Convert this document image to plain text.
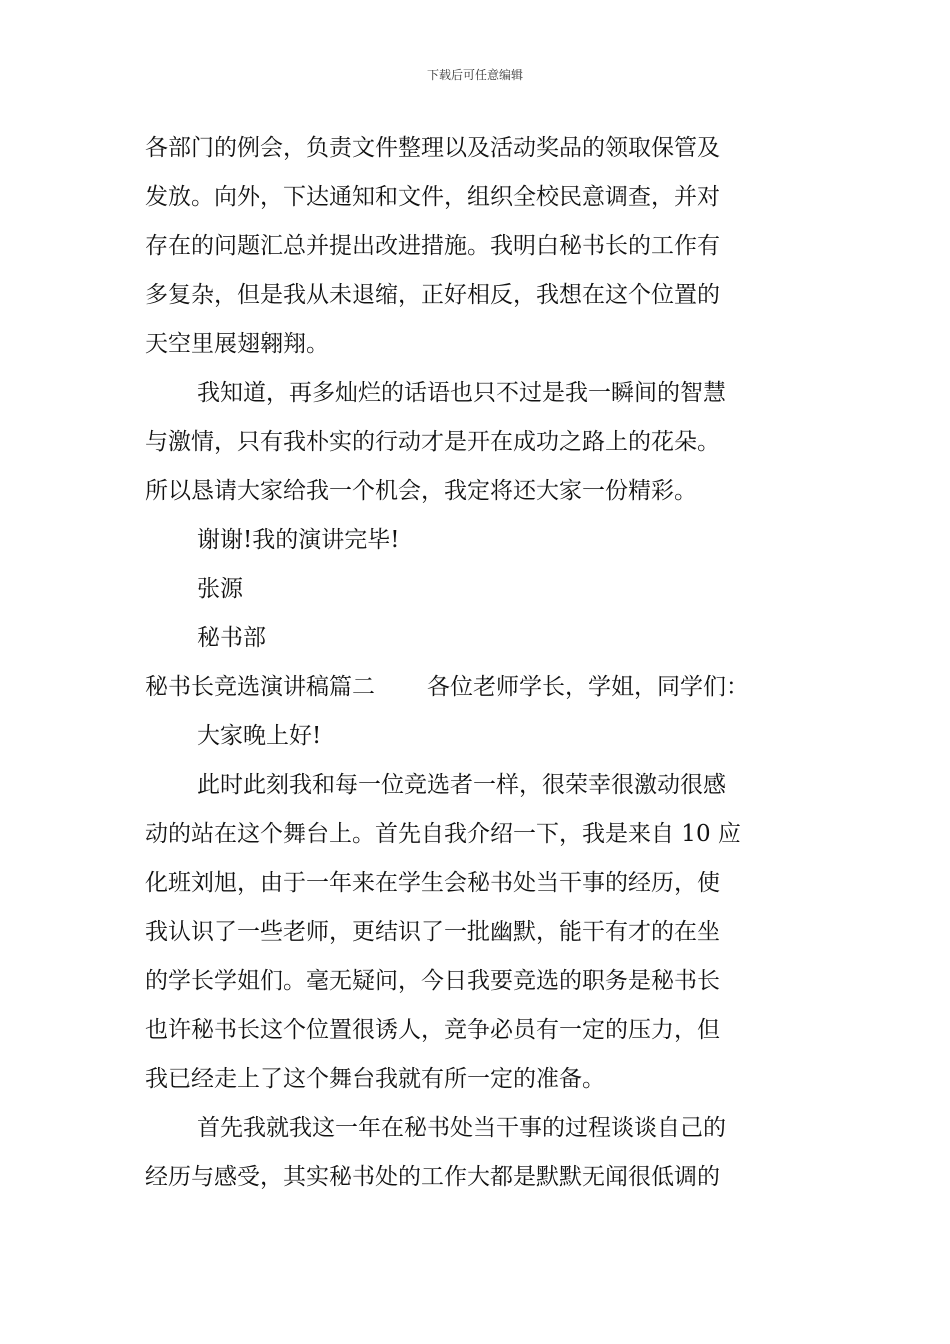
下载后可任意编辑
各部门的例会，负责文件整理以及活动奖品的领取保管及
发放。向外，下达通知和文件，组织全校民意调查，并对
存在的问题汇总并提出改进措施。我明白秘书长的工作有
多复杂，但是我从未退缩，正好相反，我想在这个位置的
天空里展翅翱翔。
我知道，再多灿烂的话语也只不过是我一瞬间的智慧
与激情，只有我朴实的行动才是开在成功之路上的花朵。
所以恳请大家给我一个机会，我定将还大家一份精彩。
谢谢!我的演讲完毕!
张源
秘书部
秘书长竞选演讲稿篇二 各位老师学长，学姐，同学们：
大家晚上好!
此时此刻我和每一位竞选者一样，很荣幸很激动很感
动的站在这个舞台上。首先自我介绍一下，我是来自 10 应
化班刘旭，由于一年来在学生会秘书处当干事的经历，使
我认识了一些老师，更结识了一批幽默，能干有才的在坐
的学长学姐们。毫无疑问，今日我要竞选的职务是秘书长
也许秘书长这个位置很诱人，竞争必员有一定的压力，但
我已经走上了这个舞台我就有所一定的准备。
首先我就我这一年在秘书处当干事的过程谈谈自己的
经历与感受，其实秘书处的工作大都是默默无闻很低调的
